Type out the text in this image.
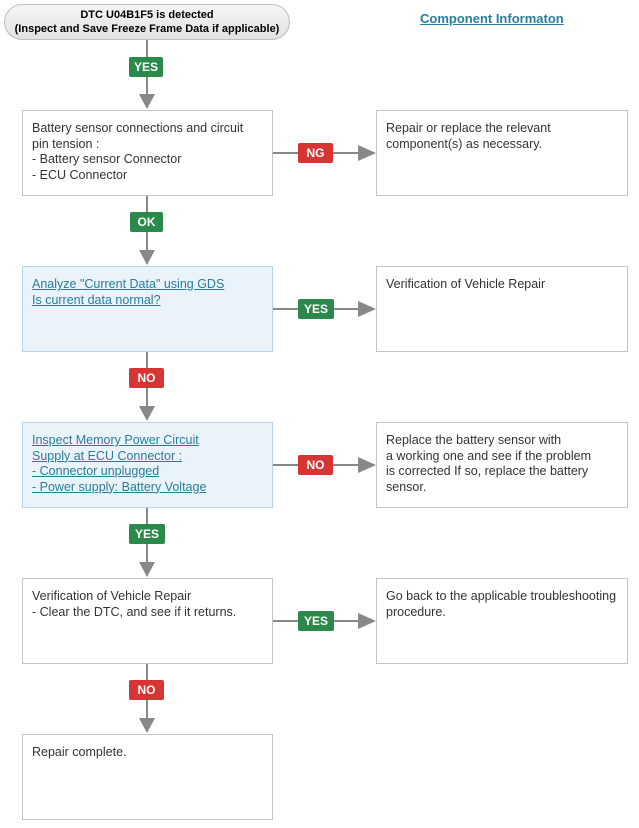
DTC U04B1F5 is detected
(Inspect and Save Freeze Frame Data if applicable)
Component Informaton
Battery sensor connections and circuit
pin tension :
- Battery sensor Connector
- ECU Connector
Repair or replace the relevant
component(s) as necessary.
Analyze "Current Data" using GDS
Is current data normal?
Verification of Vehicle Repair
Inspect Memory Power Circuit
Supply at ECU Connector :
- Connector unplugged
- Power supply: Battery Voltage
Replace the battery sensor with
a working one and see if the problem
is corrected If so, replace the battery
sensor.
Verification of Vehicle Repair
- Clear the DTC, and see if it returns.
Go back to the applicable troubleshooting
procedure.
Repair complete.
YES
NG
OK
YES
NO
NO
YES
YES
NO
